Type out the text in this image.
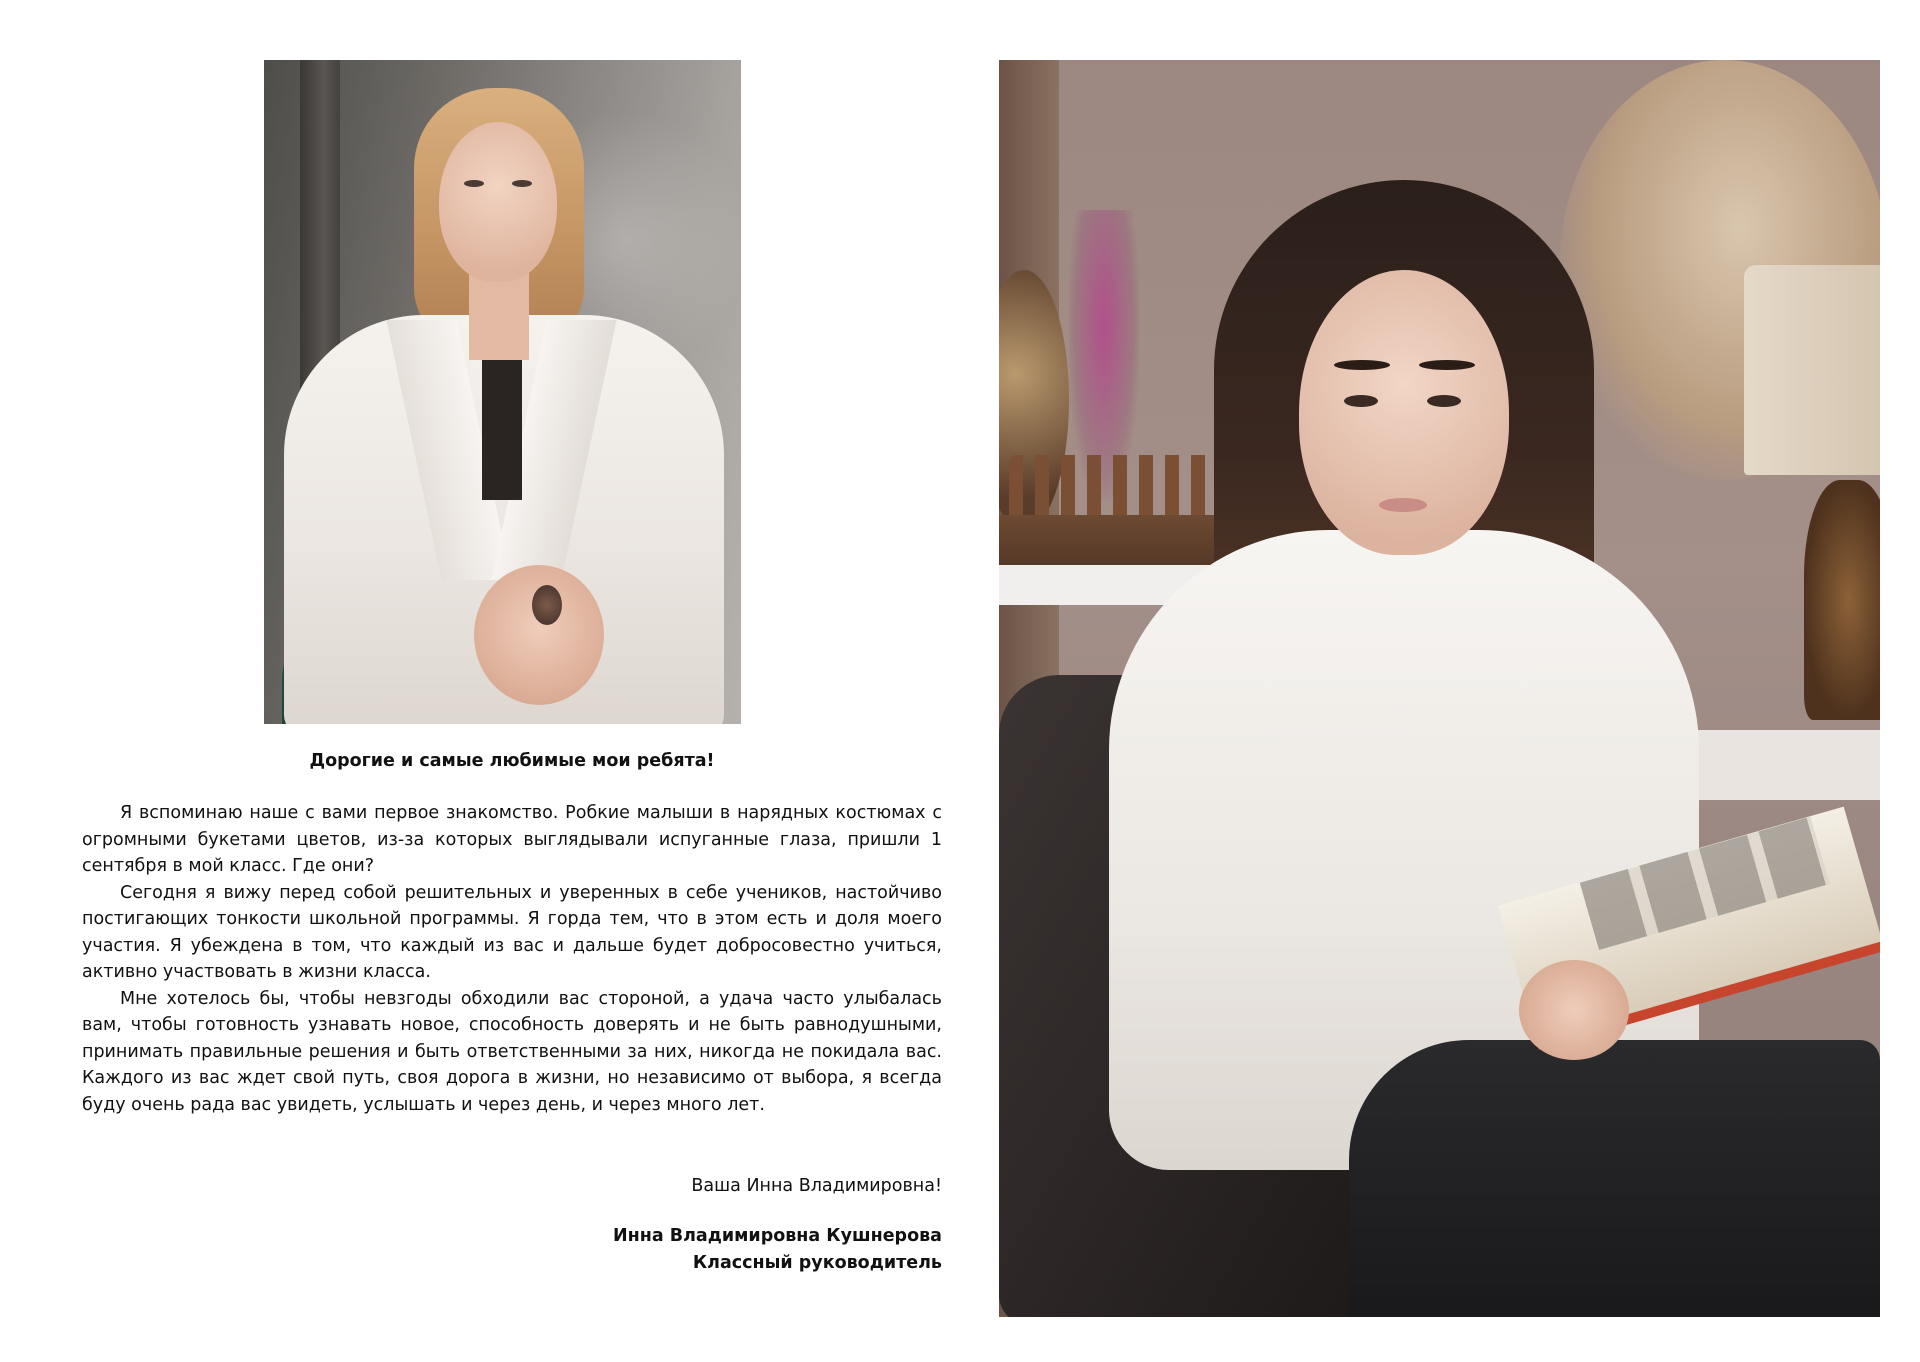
Дорогие и самые любимые мои ребята!

Я вспоминаю наше с вами первое знакомство. Робкие малыши в нарядных костюмах с огромными букетами цветов, из-за которых выглядывали испуганные глаза, пришли 1 сентября в мой класс. Где они?

Сегодня я вижу перед собой решительных и уверенных в себе учеников, настойчиво постигающих тонкости школьной программы. Я горда тем, что в этом есть и доля моего участия. Я убеждена в том, что каждый из вас и дальше будет добросовестно учиться, активно участвовать в жизни класса.

Мне хотелось бы, чтобы невзгоды обходили вас стороной, а удача часто улыбалась вам, чтобы готовность узнавать новое, способность доверять и не быть равнодушными, принимать правильные решения и быть ответственными за них, никогда не покидала вас. Каждого из вас ждет свой путь, своя дорога в жизни, но независимо от выбора, я всегда буду очень рада вас увидеть, услышать и через день, и через много лет.

Ваша Инна Владимировна!
Инна Владимировна Кушнерова
Классный руководитель
